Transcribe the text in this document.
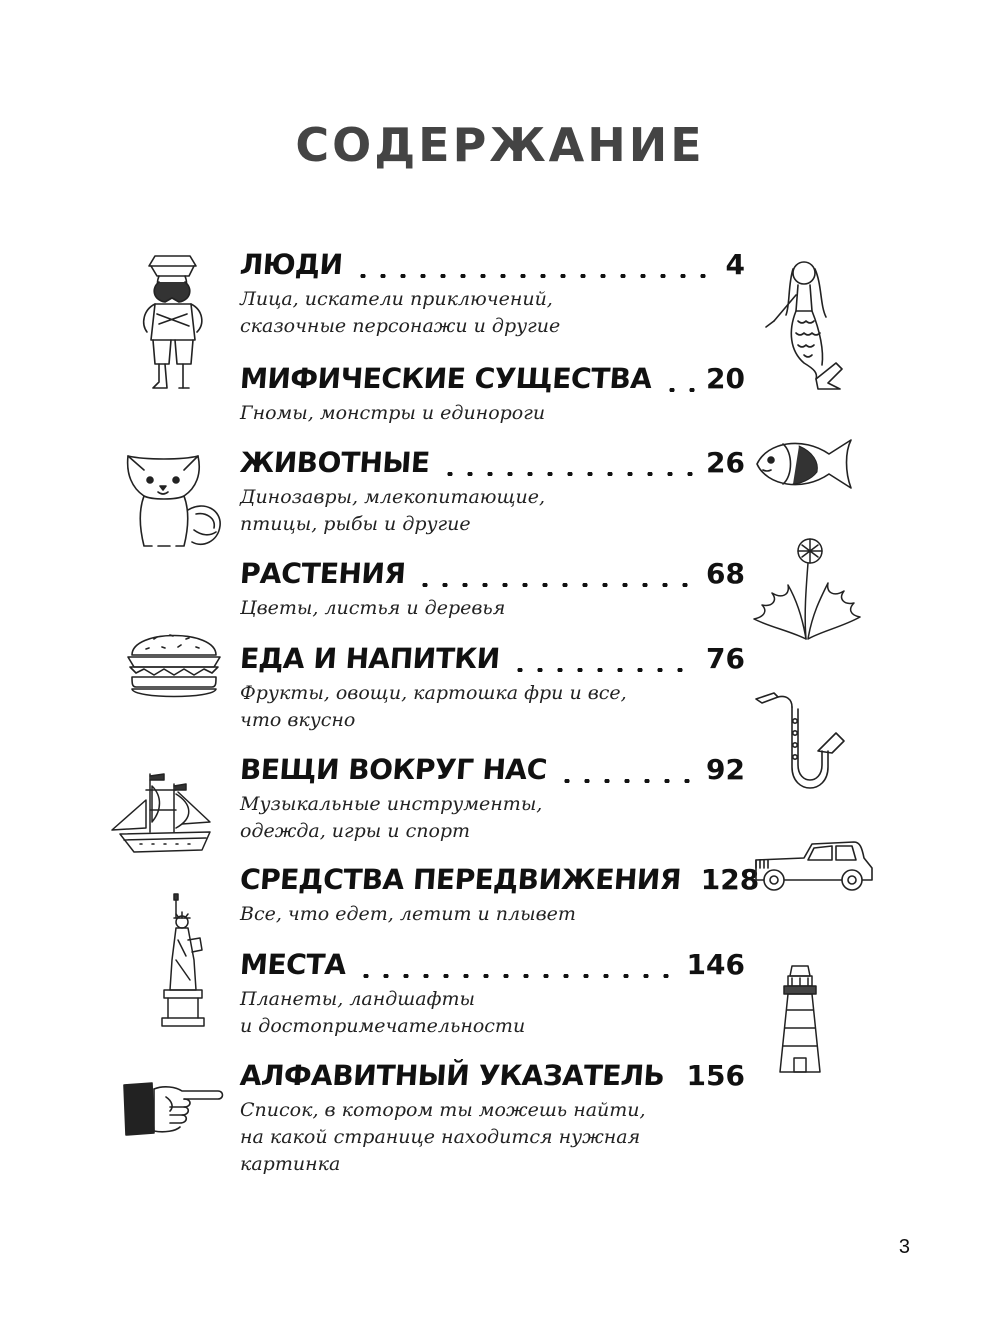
СОДЕРЖАНИЕ
ЛЮДИ	4
Лица, искатели приключений,
сказочные персонажи и другие
МИФИЧЕСКИЕ СУЩЕСТВА 20
Гномы, монстры и единороги
ЖИВОТНЫЕ	26
Динозавры, млекопитающие,
птицы, рыбы и другие
РАСТЕНИЯ	68
Цветы, листья и деревья
ЕДА И НАПИТКИ	76
Фрукты, овощи, картошка фри и все,
что вкусно
ВЕЩИ ВОКРУГ НАС	92
Музыкальные инструменты,
одежда, игры и спорт
СРЕДСТВА ПЕРЕДВИЖЕНИЯ 128
Все, что едет, летит и плывет
МЕСТА	146
Планеты, ландшафты
и достопримечательности
АЛФАВИТНЫЙ УКАЗАТЕЛЬ 156
Список, в котором ты можешь найти,
на какой странице находится нужная картинка
3
